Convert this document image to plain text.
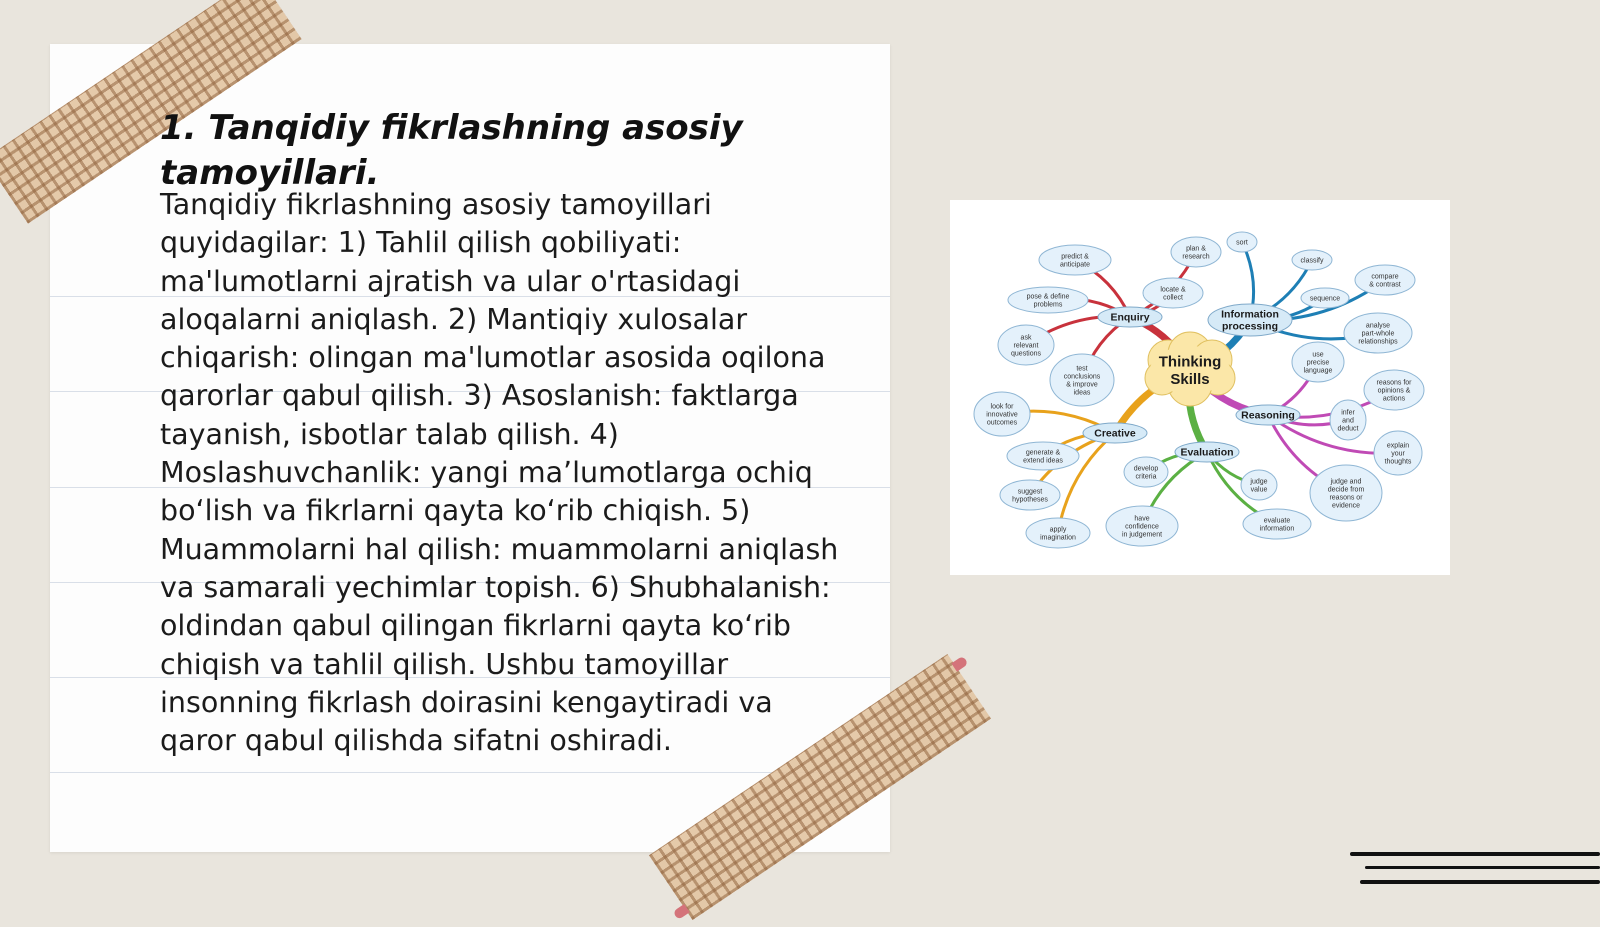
1. Tanqidiy fikrlashning asosiy tamoyillari.

Tanqidiy fikrlashning asosiy tamoyillari quyidagilar: 1) Tahlil qilish qobiliyati: ma'lumotlarni ajratish va ular o'rtasidagi aloqalarni aniqlash. 2) Mantiqiy xulosalar chiqarish: olingan ma'lumotlar asosida oqilona qarorlar qabul qilish. 3) Asoslanish: faktlarga tayanish, isbotlar talab qilish. 4) Moslashuvchanlik: yangi maʼlumotlarga ochiq boʻlish va fikrlarni qayta koʻrib chiqish. 5) Muammolarni hal qilish: muammolarni aniqlash va samarali yechimlar topish. 6) Shubhalanish: oldindan qabul qilingan fikrlarni qayta koʻrib chiqish va tahlil qilish. Ushbu tamoyillar insonning fikrlash doirasini kengaytiradi va qaror qabul qilishda sifatni oshiradi.

predict & anticipate
pose & define problems
ask relevant questions
test conclusions & improve ideas
plan & research
locate & collect
Enquiry
sort
classify
compare & contrast
sequence
analyse part-whole relationships
Information processing
use precise language
reasons for opinions & actions
infer and deduct
explain your thoughts
judge and decide from reasons or evidence
Reasoning
look for innovative outcomes
generate & extend ideas
suggest hypotheses
apply imagination
Creative
develop criteria
have confidence in judgement
judge value
evaluate information
Evaluation
Thinking Skills
